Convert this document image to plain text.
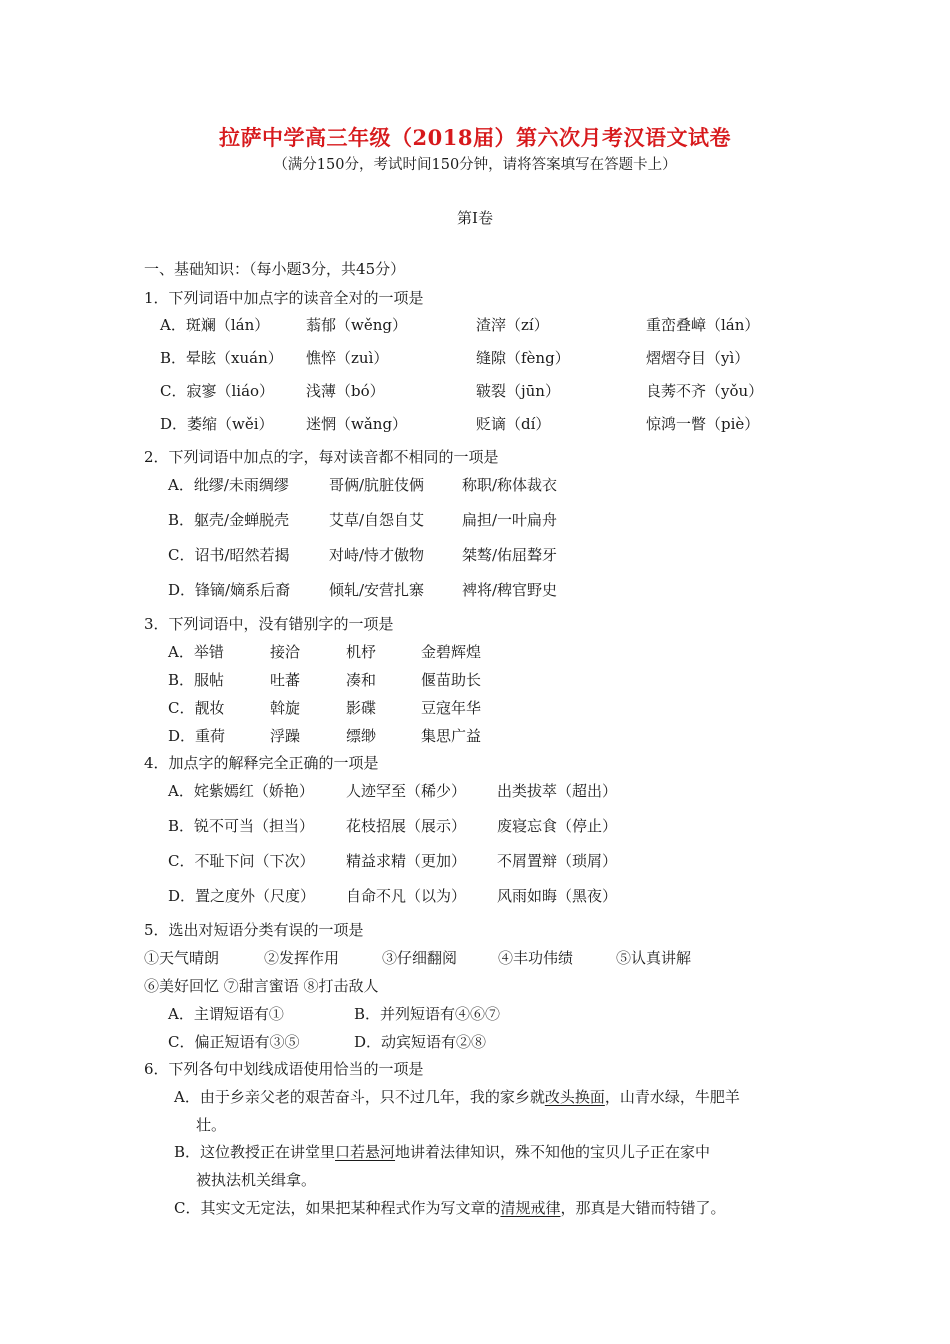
拉萨中学高三年级（2018届）第六次月考汉语文试卷
（满分150分，考试时间150分钟，请将答案填写在答题卡上）
第Ⅰ卷
一、基础知识：（每小题3分，共45分）
1．下列词语中加点字的读音全对的一项是
A．斑斓（lán） 蓊郁（wěng）	渣滓（zí）	重峦叠嶂（lán）
B．晕眩（xuán） 憔悴（zuì）	缝隙（fèng）	熠熠夺目（yì）
C．寂寥（liáo） 浅薄（bó）	皲裂（jūn）	良莠不齐（yǒu）
D．萎缩（wěi） 迷惘（wǎng）	贬谪（dí）	惊鸿一瞥（piè）
2．下列词语中加点的字，每对读音都不相同的一项是
A．纰缪/未雨绸缪	哥俩/肮脏伎俩	称职/称体裁衣
B．躯壳/金蝉脱壳	艾草/自怨自艾	扁担/一叶扁舟
C．诏书/昭然若揭	对峙/恃才傲物	桀骜/佑屈聱牙
D．锋镝/嫡系后裔	倾轧/安营扎寨	裨将/稗官野史
3．下列词语中，没有错别字的一项是
A．举错	接洽	机杼	金碧辉煌
B．服帖	吐蕃	凑和	偃苗助长
C．靓妆	斡旋	影碟	豆寇年华
D．重荷	浮躁	缥缈	集思广益
4．加点字的解释完全正确的一项是
A．姹紫嫣红（娇艳） 人迹罕至（稀少） 出类拔萃（超出）
B．锐不可当（担当） 花枝招展（展示） 废寝忘食（停止）
C．不耻下问（下次） 精益求精（更加） 不屑置辩（琐屑）
D．置之度外（尺度） 自命不凡（以为） 风雨如晦（黑夜）
5．选出对短语分类有误的一项是
①天气晴朗	②发挥作用	③仔细翻阅	④丰功伟绩	⑤认真讲解
⑥美好回忆 ⑦甜言蜜语 ⑧打击敌人
A．主谓短语有①	B．并列短语有④⑥⑦
C．偏正短语有③⑤	D．动宾短语有②⑧
6．下列各句中划线成语使用恰当的一项是
A．由于乡亲父老的艰苦奋斗，只不过几年，我的家乡就改头换面，山青水绿，牛肥羊
壮。
B．这位教授正在讲堂里口若悬河地讲着法律知识，殊不知他的宝贝儿子正在家中
被执法机关缉拿。
C．其实文无定法，如果把某种程式作为写文章的清规戒律，那真是大错而特错了。
